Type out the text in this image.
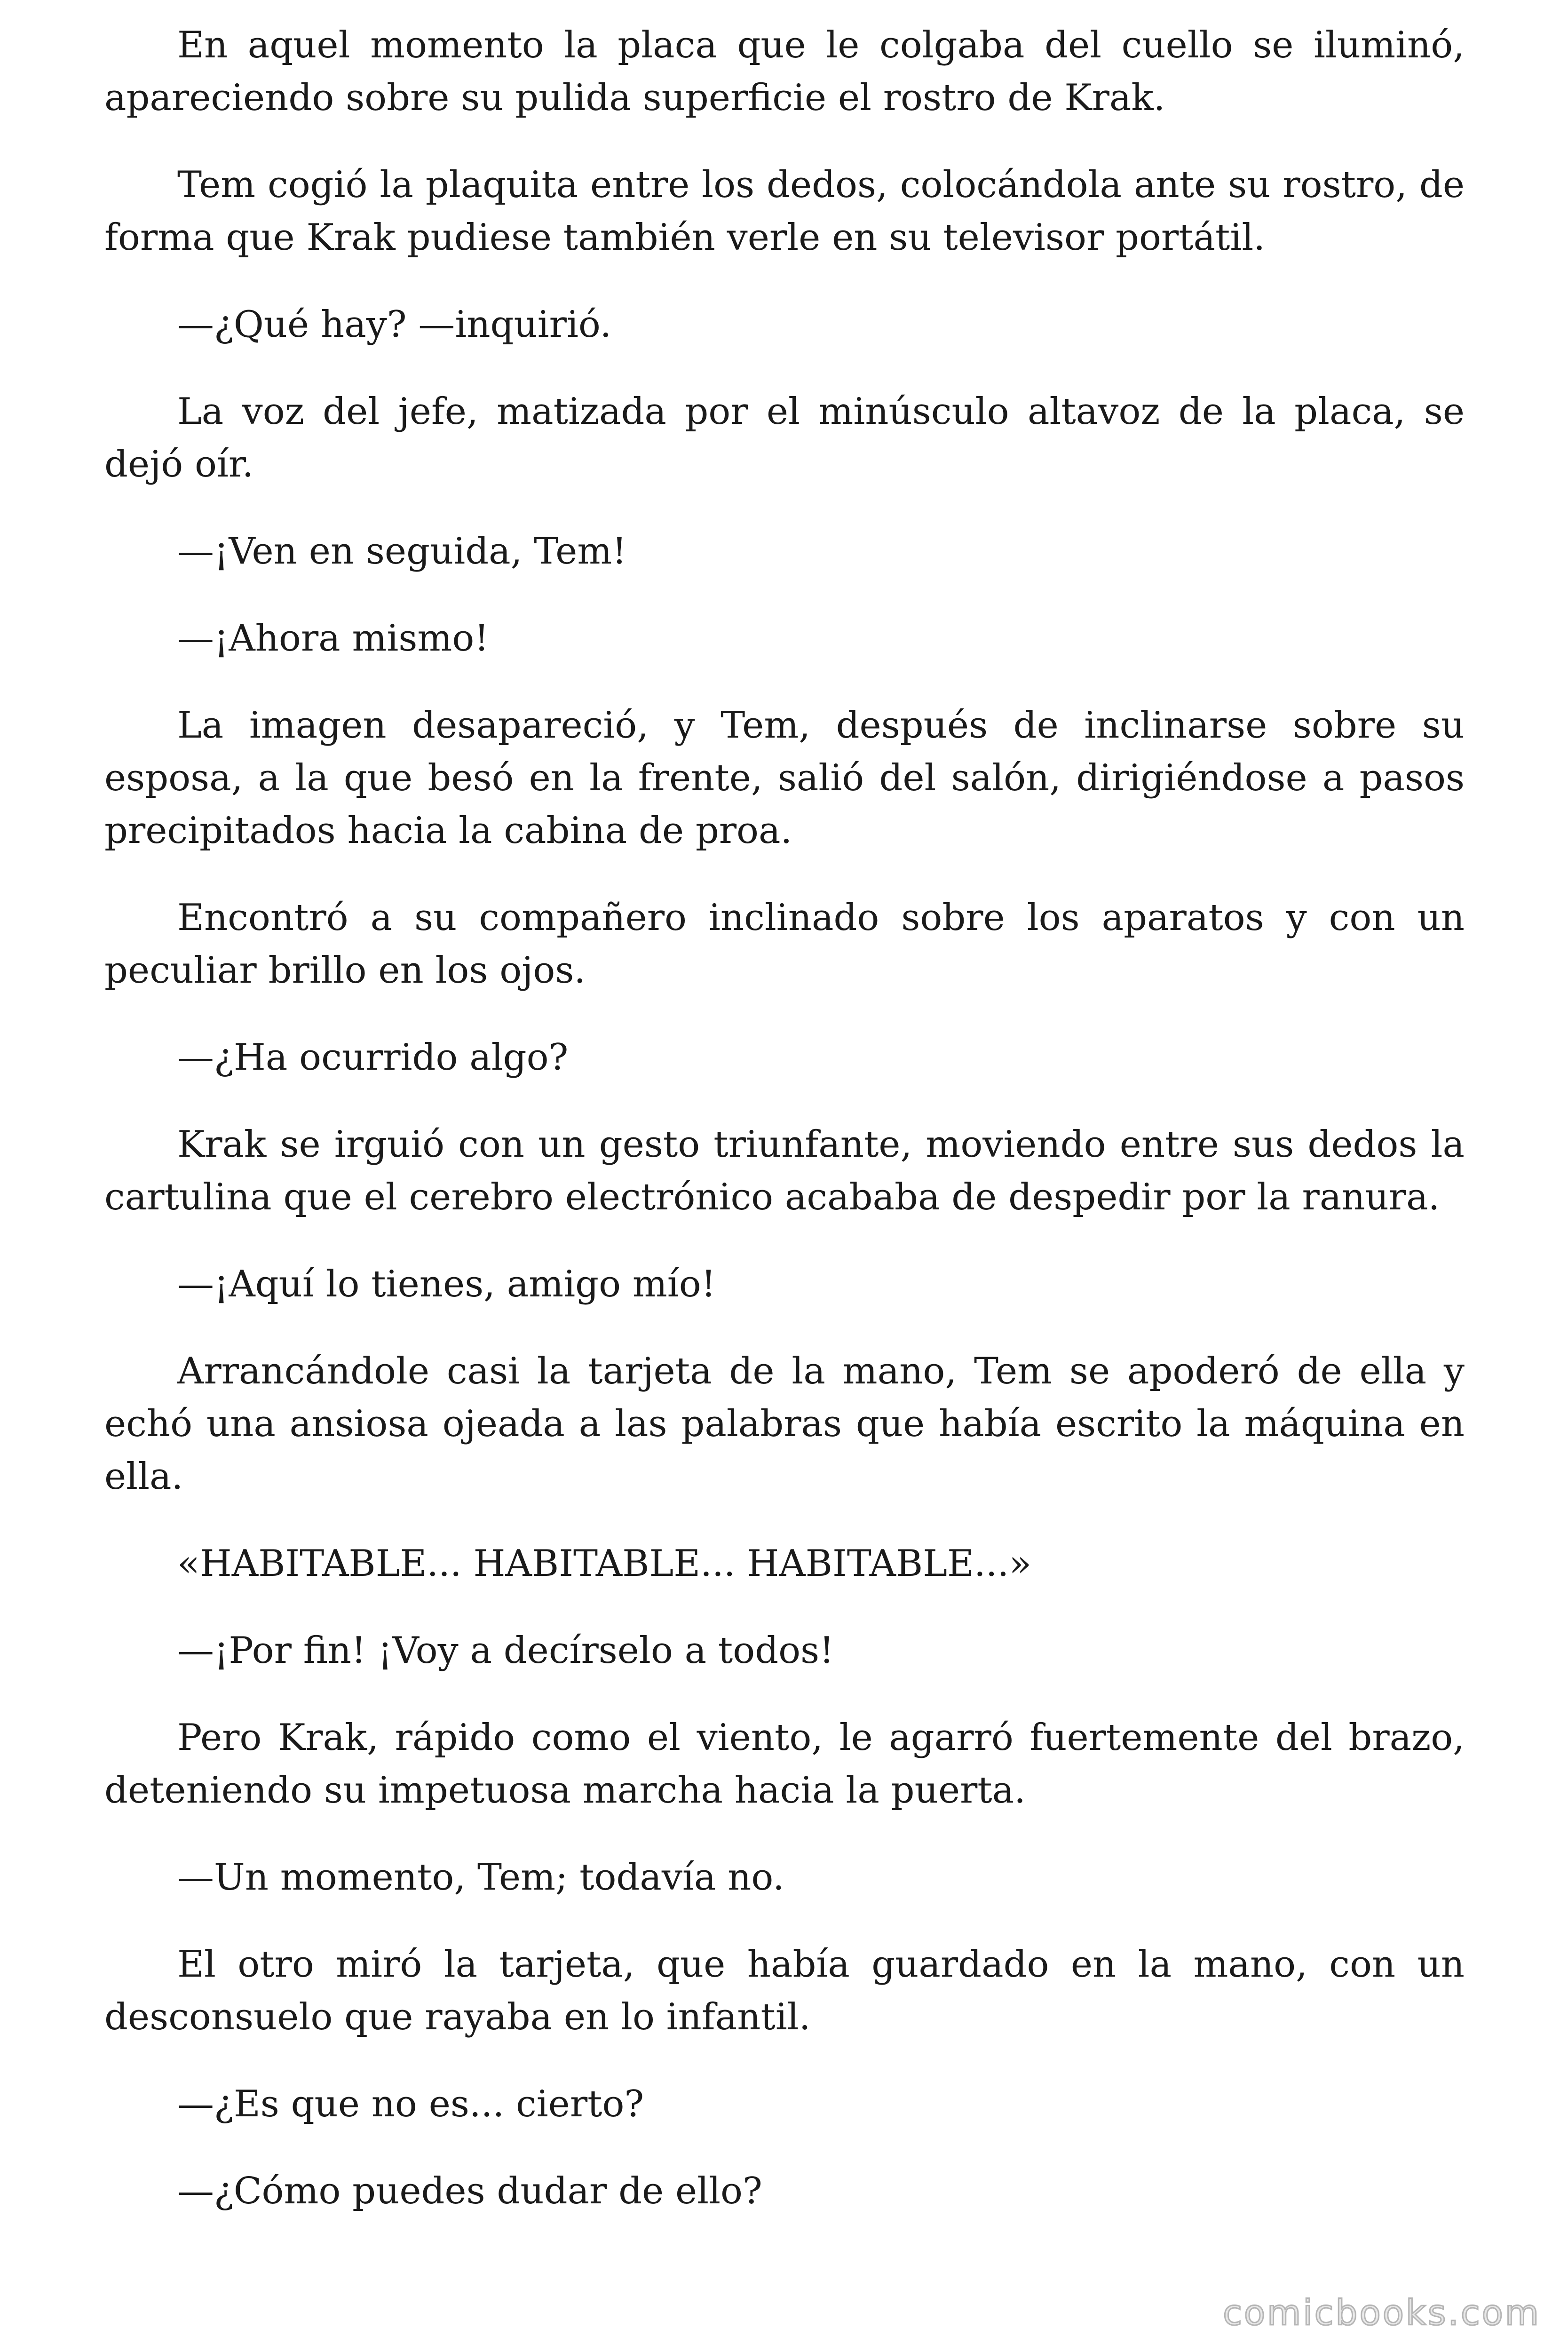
En aquel momento la placa que le colgaba del cuello se iluminó, apareciendo sobre su pulida superficie el rostro de Krak.

Tem cogió la plaquita entre los dedos, colocándola ante su rostro, de forma que Krak pudiese también verle en su televisor portátil.

—¿Qué hay? —inquirió.

La voz del jefe, matizada por el minúsculo altavoz de la placa, se dejó oír.

—¡Ven en seguida, Tem!

—¡Ahora mismo!

La imagen desapareció, y Tem, después de inclinarse sobre su esposa, a la que besó en la frente, salió del salón, dirigiéndose a pasos precipitados hacia la cabina de proa.

Encontró a su compañero inclinado sobre los aparatos y con un peculiar brillo en los ojos.

—¿Ha ocurrido algo?

Krak se irguió con un gesto triunfante, moviendo entre sus dedos la cartulina que el cerebro electrónico acababa de despedir por la ranura.

—¡Aquí lo tienes, amigo mío!

Arrancándole casi la tarjeta de la mano, Tem se apoderó de ella y echó una ansiosa ojeada a las palabras que había escrito la máquina en ella.

«HABITABLE... HABITABLE... HABITABLE...»

—¡Por fin! ¡Voy a decírselo a todos!

Pero Krak, rápido como el viento, le agarró fuertemente del brazo, deteniendo su impetuosa marcha hacia la puerta.

—Un momento, Tem; todavía no.

El otro miró la tarjeta, que había guardado en la mano, con un desconsuelo que rayaba en lo infantil.

—¿Es que no es... cierto?

—¿Cómo puedes dudar de ello?

comicbooks.com
